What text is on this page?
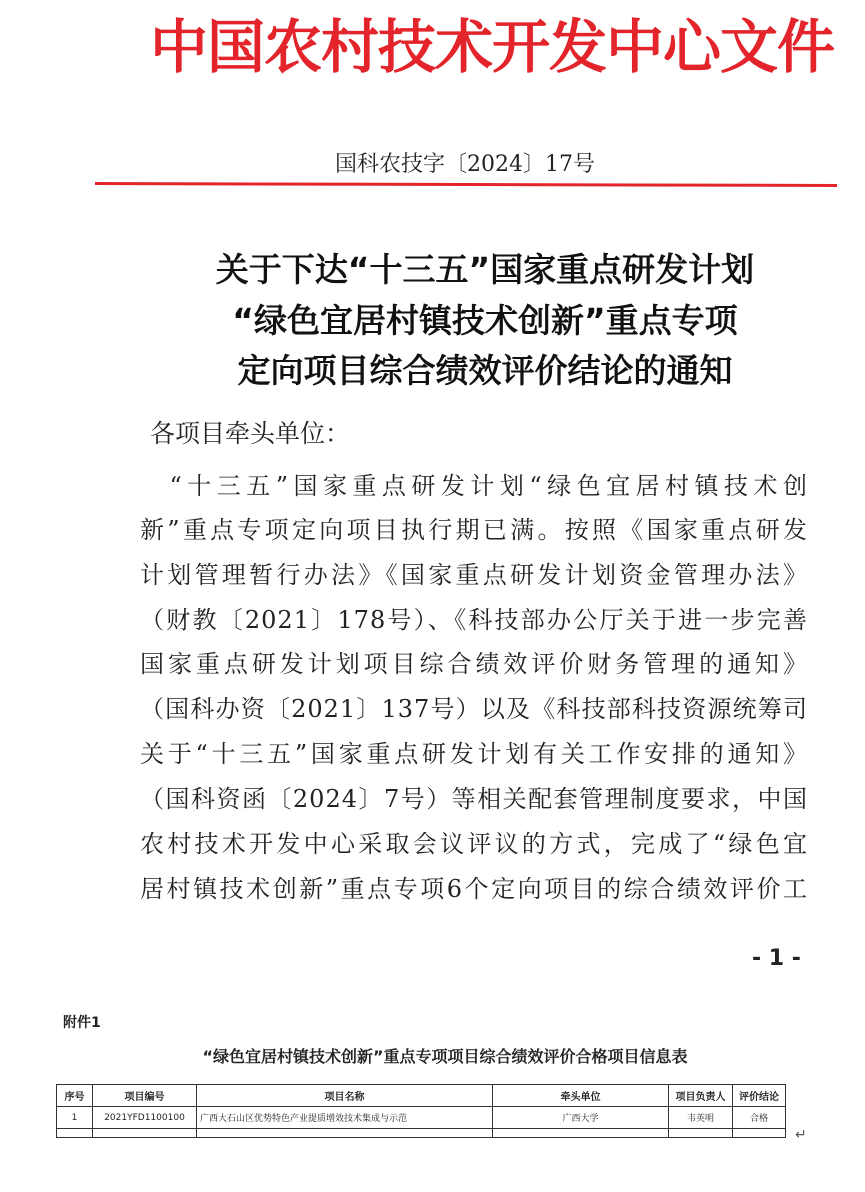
中国农村技术开发中心文件
国科农技字〔2024〕17号
关于下达“十三五”国家重点研发计划
“绿色宜居村镇技术创新”重点专项
定向项目综合绩效评价结论的通知
各项目牵头单位：
　“十三五”国家重点研发计划“绿色宜居村镇技术创
新”重点专项定向项目执行期已满。按照《国家重点研发
计划管理暂行办法》《国家重点研发计划资金管理办法》
（财教〔2021〕178号）、《科技部办公厅关于进一步完善
国家重点研发计划项目综合绩效评价财务管理的通知》
（国科办资〔2021〕137号）以及《科技部科技资源统筹司
关于“十三五”国家重点研发计划有关工作安排的通知》
（国科资函〔2024〕7号）等相关配套管理制度要求，中国
农村技术开发中心采取会议评议的方式，完成了“绿色宜
居村镇技术创新”重点专项6个定向项目的综合绩效评价工
- 1 -
附件1
“绿色宜居村镇技术创新”重点专项项目综合绩效评价合格项目信息表
序号	项目编号	项目名称	牵头单位	项目负责人	评价结论
1	2021YFD1100100	广西大石山区优势特色产业提质增效技术集成与示范	广西大学	韦英明	合格

↵
